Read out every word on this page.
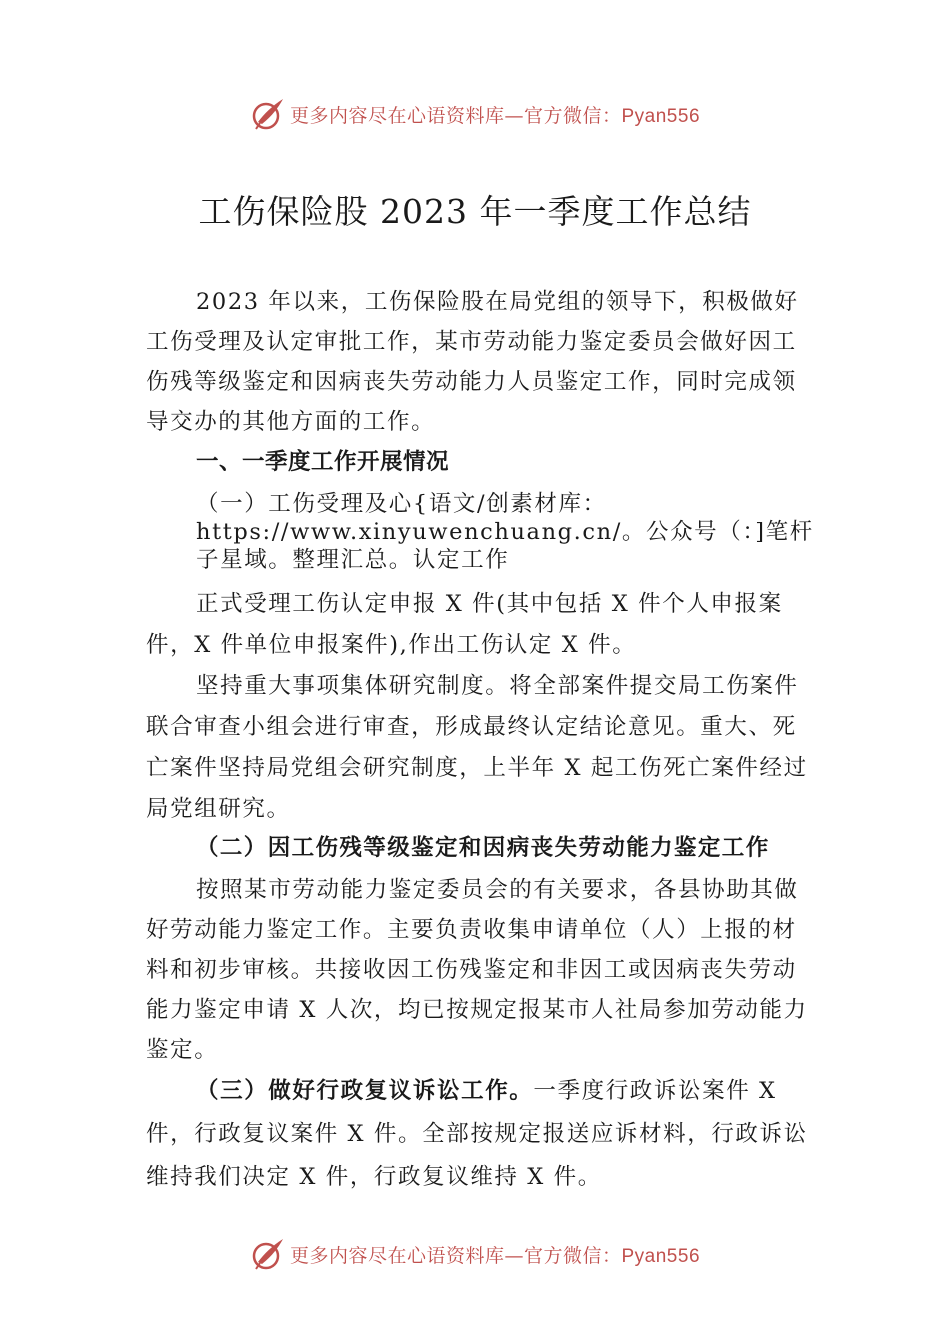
更多内容尽在心语资料库—官方微信：Pyan556
工伤保险股 2023 年一季度工作总结

2023 年以来，工伤保险股在局党组的领导下，积极做好工伤受理及认定审批工作，某市劳动能力鉴定委员会做好因工伤残等级鉴定和因病丧失劳动能力人员鉴定工作，同时完成领导交办的其他方面的工作。

一、一季度工作开展情况

（一）工伤受理及心{语文/创素材库：https://www.xinyuwenchuang.cn/。公众号（：]笔杆子星域。整理汇总。认定工作

正式受理工伤认定申报 X 件(其中包括 X 件个人申报案件，X 件单位申报案件),作出工伤认定 X 件。

坚持重大事项集体研究制度。将全部案件提交局工伤案件联合审查小组会进行审查，形成最终认定结论意见。重大、死亡案件坚持局党组会研究制度，上半年 X 起工伤死亡案件经过局党组研究。

（二）因工伤残等级鉴定和因病丧失劳动能力鉴定工作

按照某市劳动能力鉴定委员会的有关要求，各县协助其做好劳动能力鉴定工作。主要负责收集申请单位（人）上报的材料和初步审核。共接收因工伤残鉴定和非因工或因病丧失劳动能力鉴定申请 X 人次，均已按规定报某市人社局参加劳动能力鉴定。

（三）做好行政复议诉讼工作。一季度行政诉讼案件 X 件，行政复议案件 X 件。全部按规定报送应诉材料，行政诉讼维持我们决定 X 件，行政复议维持 X 件。

更多内容尽在心语资料库—官方微信：Pyan556
